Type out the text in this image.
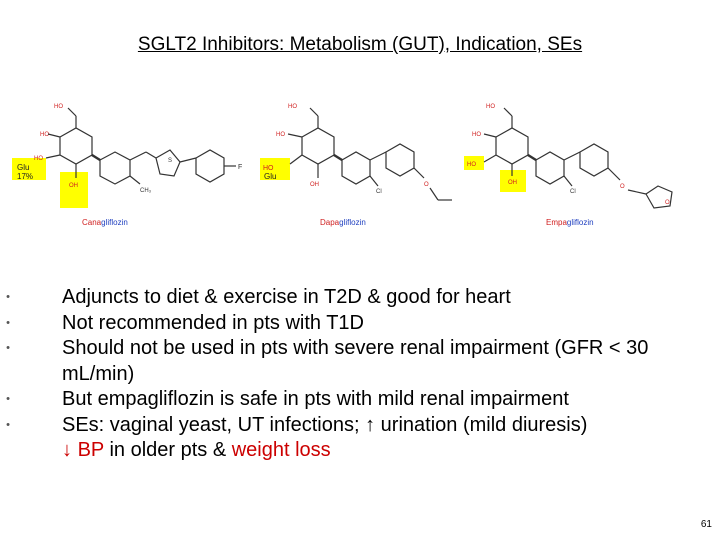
SGLT2 Inhibitors: Metabolism (GUT), Indication, SEs
Glu
17%
HO
HO
HO
OH
CH₃
S
F
Canagliflozin
HO
Glu
HO
HO
OH
Cl
O
Dapagliflozin
HO
HO
HO
OH
Cl
O
O
Empagliflozin
•	Adjuncts to diet & exercise in T2D & good for heart
•	Not recommended in pts with T1D
•	Should not be used in pts with severe renal impairment (GFR < 30 mL/min)
•	But empagliflozin is safe in pts with mild renal impairment
•	SEs: vaginal yeast, UT infections; ↑ urination (mild diuresis)
↓ BP in older pts & weight loss
61
